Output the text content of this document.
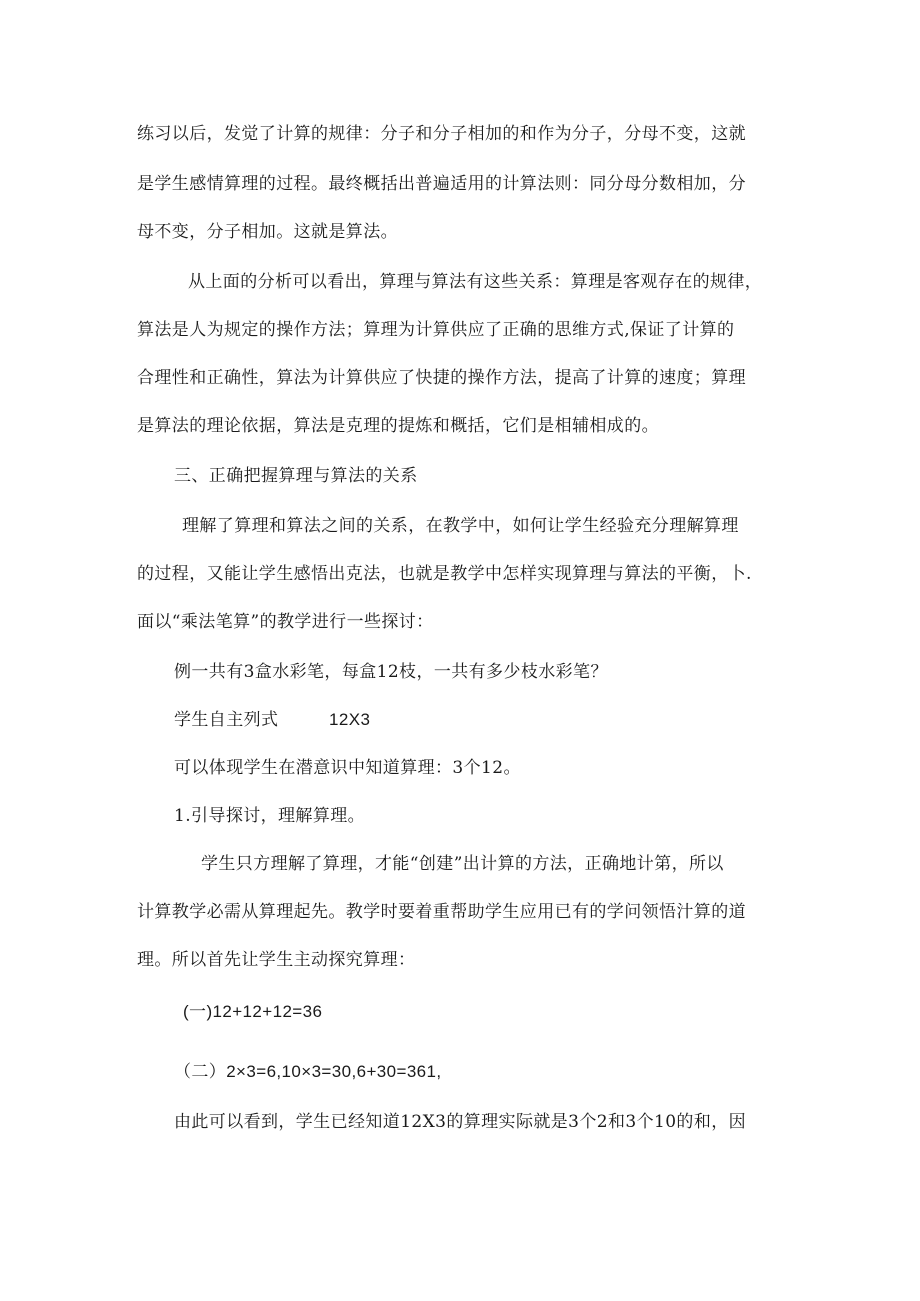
练习以后，发觉了计算的规律：分子和分子相加的和作为分子，分母不变，这就
是学生感情算理的过程。最终概括出普遍适用的计算法则：同分母分数相加，分
母不变，分子相加。这就是算法。
从上面的分析可以看出，算理与算法有这些关系：算理是客观存在的规律，
算法是人为规定的操作方法；算理为计算供应了正确的思维方式,保证了计算的
合理性和正确性，算法为计算供应了快捷的操作方法，提高了计算的速度；算理
是算法的理论依据，算法是克理的提炼和概括，它们是相辅相成的。
三、正确把握算理与算法的关系
理解了算理和算法之间的关系，在教学中，如何让学生经验充分理解算理
的过程，又能让学生感悟出克法，也就是教学中怎样实现算理与算法的平衡，卜.
面以“乘法笔算”的教学进行一些探讨：
例一共有3盒水彩笔，每盒12枝，一共有多少枝水彩笔？
学生自主列式	12X3
可以体现学生在潜意识中知道算理：3个12。
1.引导探讨，理解算理。
学生只方理解了算理，才能“创建”出计算的方法，正确地计第，所以
计算教学必需从算理起先。教学时要着重帮助学生应用已有的学问领悟汁算的道
理。所以首先让学生主动探究算理：
(一)12+12+12=36
（二）2×3=6,10×3=30,6+30=361,
由此可以看到，学生已经知道12X3的算理实际就是3个2和3个10的和，因
